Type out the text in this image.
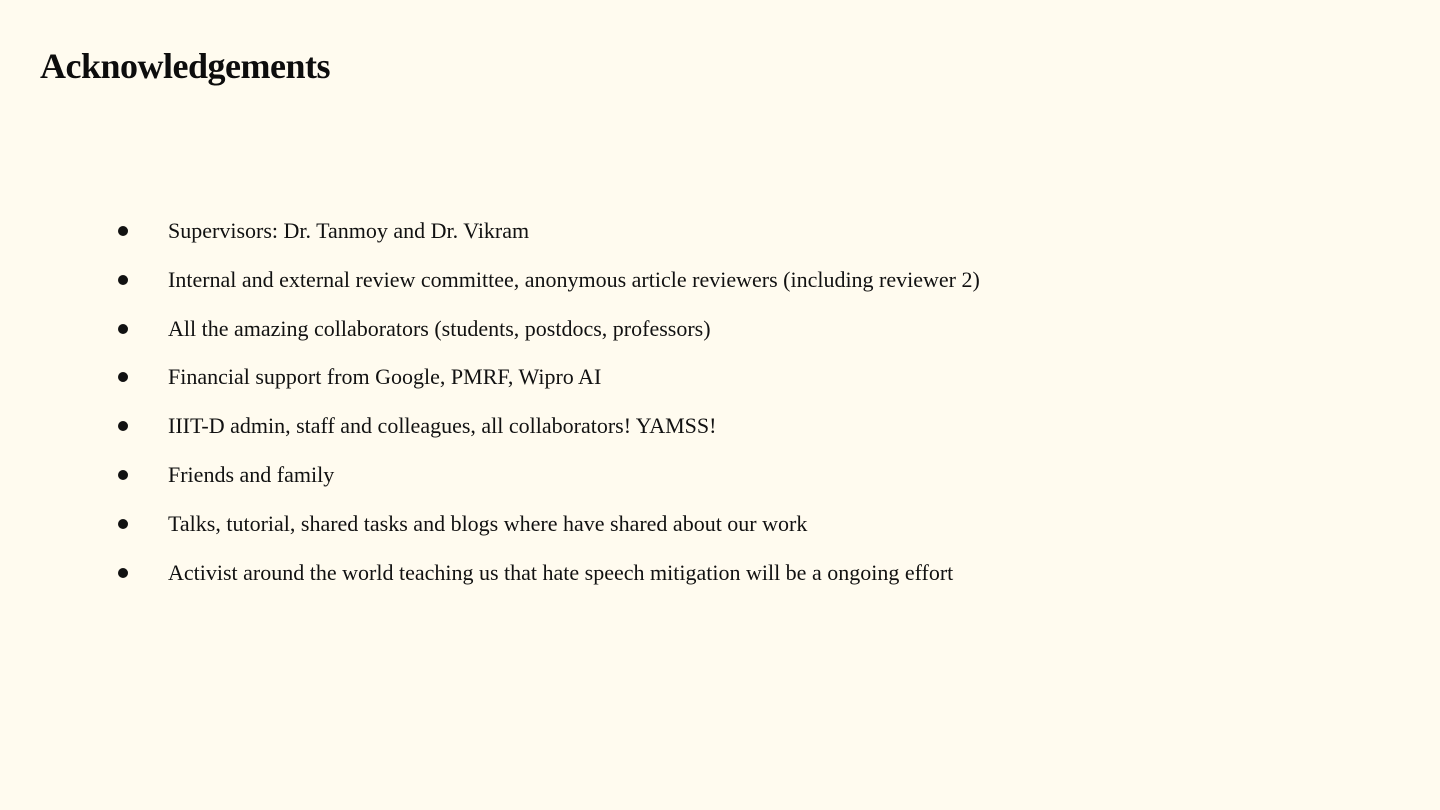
Acknowledgements
Supervisors: Dr. Tanmoy and Dr. Vikram
Internal and external review committee, anonymous article reviewers (including reviewer 2)
All the amazing collaborators (students, postdocs, professors)
Financial support from Google, PMRF, Wipro AI
IIIT-D admin, staff and colleagues, all collaborators! YAMSS!
Friends and family
Talks, tutorial, shared tasks and blogs where have shared about our work
Activist around the world teaching us that hate speech mitigation will be a ongoing effort
